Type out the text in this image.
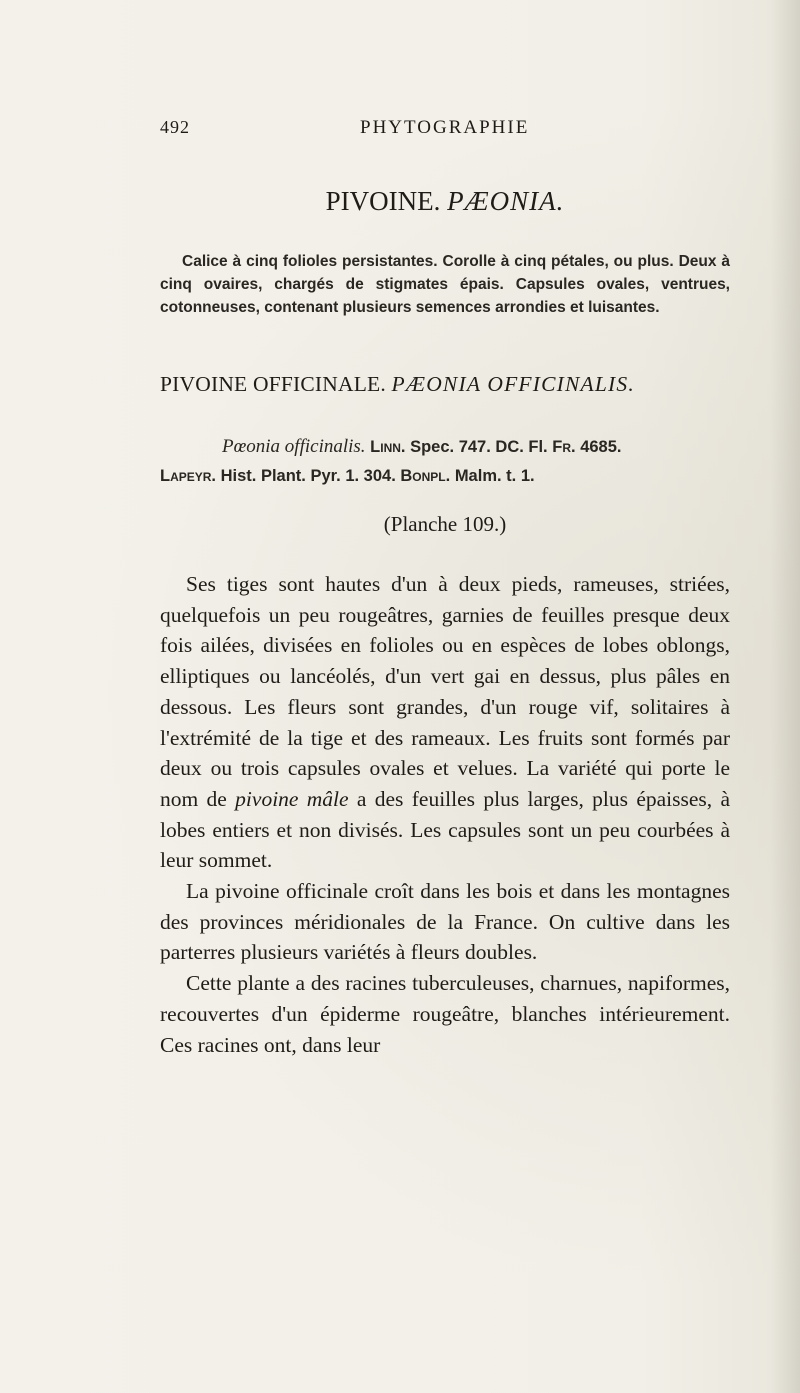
492	PHYTOGRAPHIE
PIVOINE. PÆONIA.
Calice à cinq folioles persistantes. Corolle à cinq pétales, ou plus. Deux à cinq ovaires, chargés de stigmates épais. Capsules ovales, ventrues, cotonneuses, contenant plusieurs semences arrondies et luisantes.
PIVOINE OFFICINALE. PÆONIA OFFICINALIS.
Pœonia officinalis. Linn. Spec. 747. DC. Fl. Fr. 4685.
Lapeyr. Hist. Plant. Pyr. 1. 304. Bonpl. Malm. t. 1.
(Planche 109.)

Ses tiges sont hautes d'un à deux pieds, rameuses, striées, quelquefois un peu rougeâtres, garnies de feuilles presque deux fois ailées, divisées en folioles ou en espèces de lobes oblongs, elliptiques ou lancéolés, d'un vert gai en dessus, plus pâles en dessous. Les fleurs sont grandes, d'un rouge vif, solitaires à l'extrémité de la tige et des rameaux. Les fruits sont formés par deux ou trois capsules ovales et velues. La variété qui porte le nom de pivoine mâle a des feuilles plus larges, plus épaisses, à lobes entiers et non divisés. Les capsules sont un peu courbées à leur sommet.

La pivoine officinale croît dans les bois et dans les montagnes des provinces méridionales de la France. On cultive dans les parterres plusieurs variétés à fleurs doubles.

Cette plante a des racines tuberculeuses, charnues, napiformes, recouvertes d'un épiderme rougeâtre, blanches intérieurement. Ces racines ont, dans leur
